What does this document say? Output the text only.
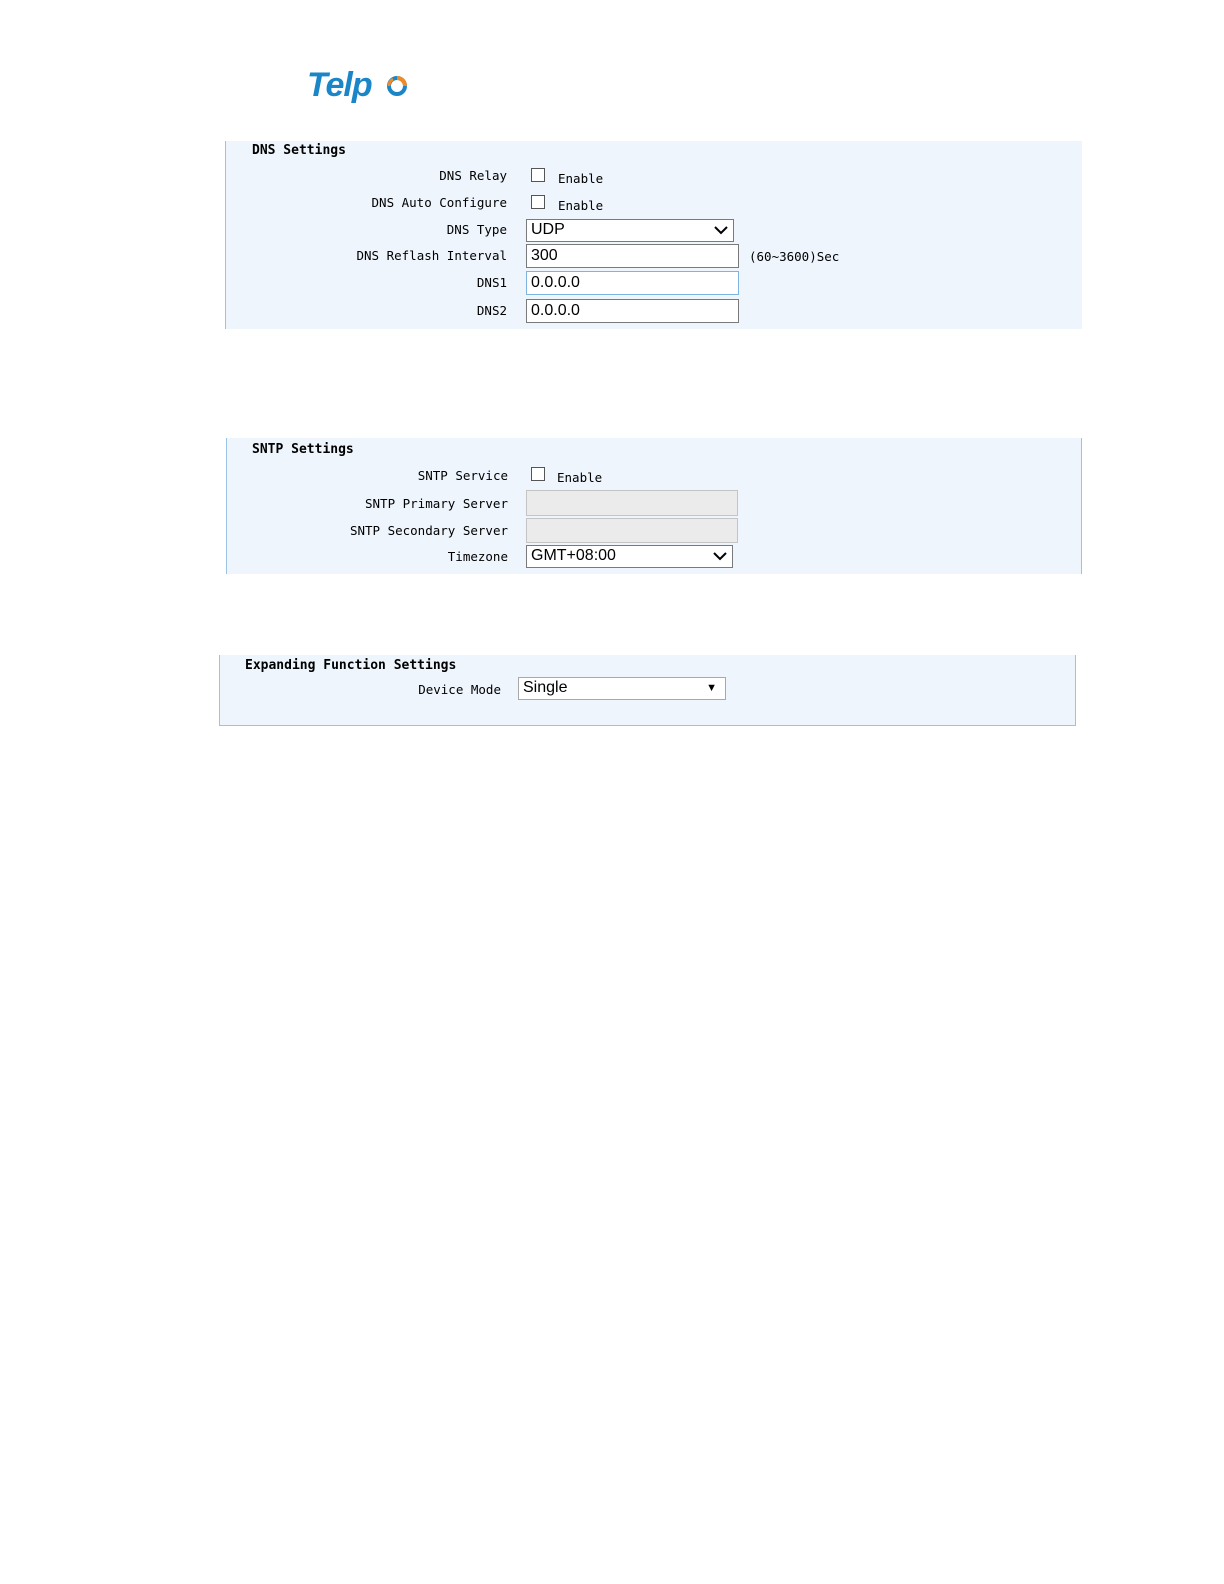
Telp
DNS Settings
DNS Relay	Enable
DNS Auto Configure	Enable
DNS Type	UDP
DNS Reflash Interval	300	(60~3600)Sec
DNS1	0.0.0.0
DNS2	0.0.0.0
SNTP Settings
SNTP Service	Enable
SNTP Primary Server
SNTP Secondary Server
Timezone	GMT+08:00
Expanding Function Settings
Device Mode	Single	▼
